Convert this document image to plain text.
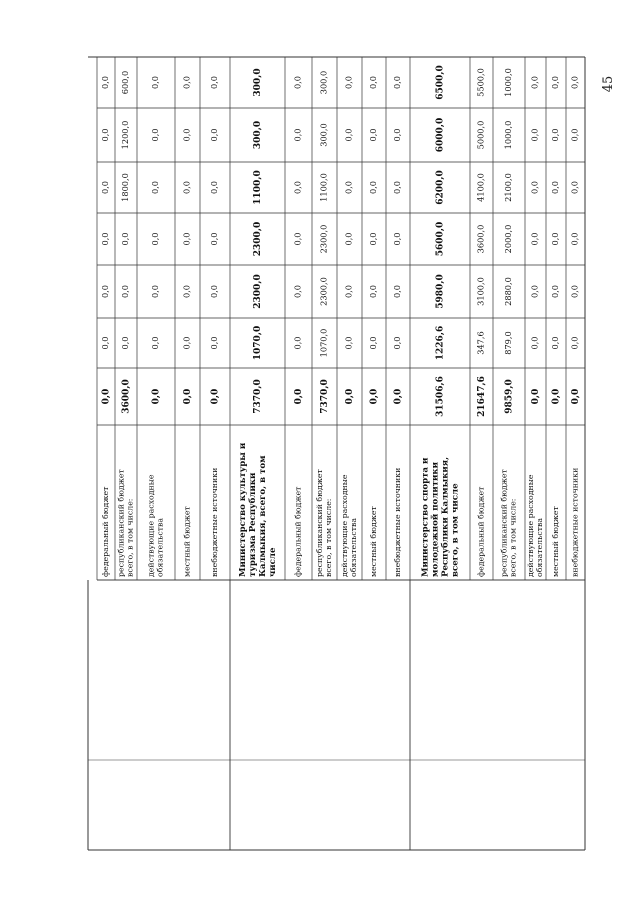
0,0
0,0
0,0
0,0
0,0
0,0
0,0
федеральный бюджет
3600,0
0,0
0,0
0,0
1800,0
1200,0
600,0
республиканский бюджет всего, в том числе:
0,0
0,0
0,0
0,0
0,0
0,0
0,0
действующие расходные обязательства
0,0
0,0
0,0
0,0
0,0
0,0
0,0
местный бюджет
0,0
0,0
0,0
0,0
0,0
0,0
0,0
внебюджетные источники
7370,0
1070,0
2300,0
2300,0
1100,0
300,0
300,0
Министерство культуры и туризма Республики Калмыкия, всего, в том числе
0,0
0,0
0,0
0,0
0,0
0,0
0,0
федеральный бюджет
7370,0
1070,0
2300,0
2300,0
1100,0
300,0
300,0
республиканский бюджет всего, в том числе:
0,0
0,0
0,0
0,0
0,0
0,0
0,0
действующие расходные обязательства
0,0
0,0
0,0
0,0
0,0
0,0
0,0
местный бюджет
0,0
0,0
0,0
0,0
0,0
0,0
0,0
внебюджетные источники
31506,6
1226,6
5980,0
5600,0
6200,0
6000,0
6500,0
Министерство спорта и молодежной политики Республики Калмыкия, всего, в том числе
21647,6
347,6
3100,0
3600,0
4100,0
5000,0
5500,0
федеральный бюджет
9859,0
879,0
2880,0
2000,0
2100,0
1000,0
1000,0
республиканский бюджет всего, в том числе:
0,0
0,0
0,0
0,0
0,0
0,0
0,0
действующие расходные обязательства
0,0
0,0
0,0
0,0
0,0
0,0
0,0
местный бюджет
0,0
0,0
0,0
0,0
0,0
0,0
0,0
внебюджетные источники
45
